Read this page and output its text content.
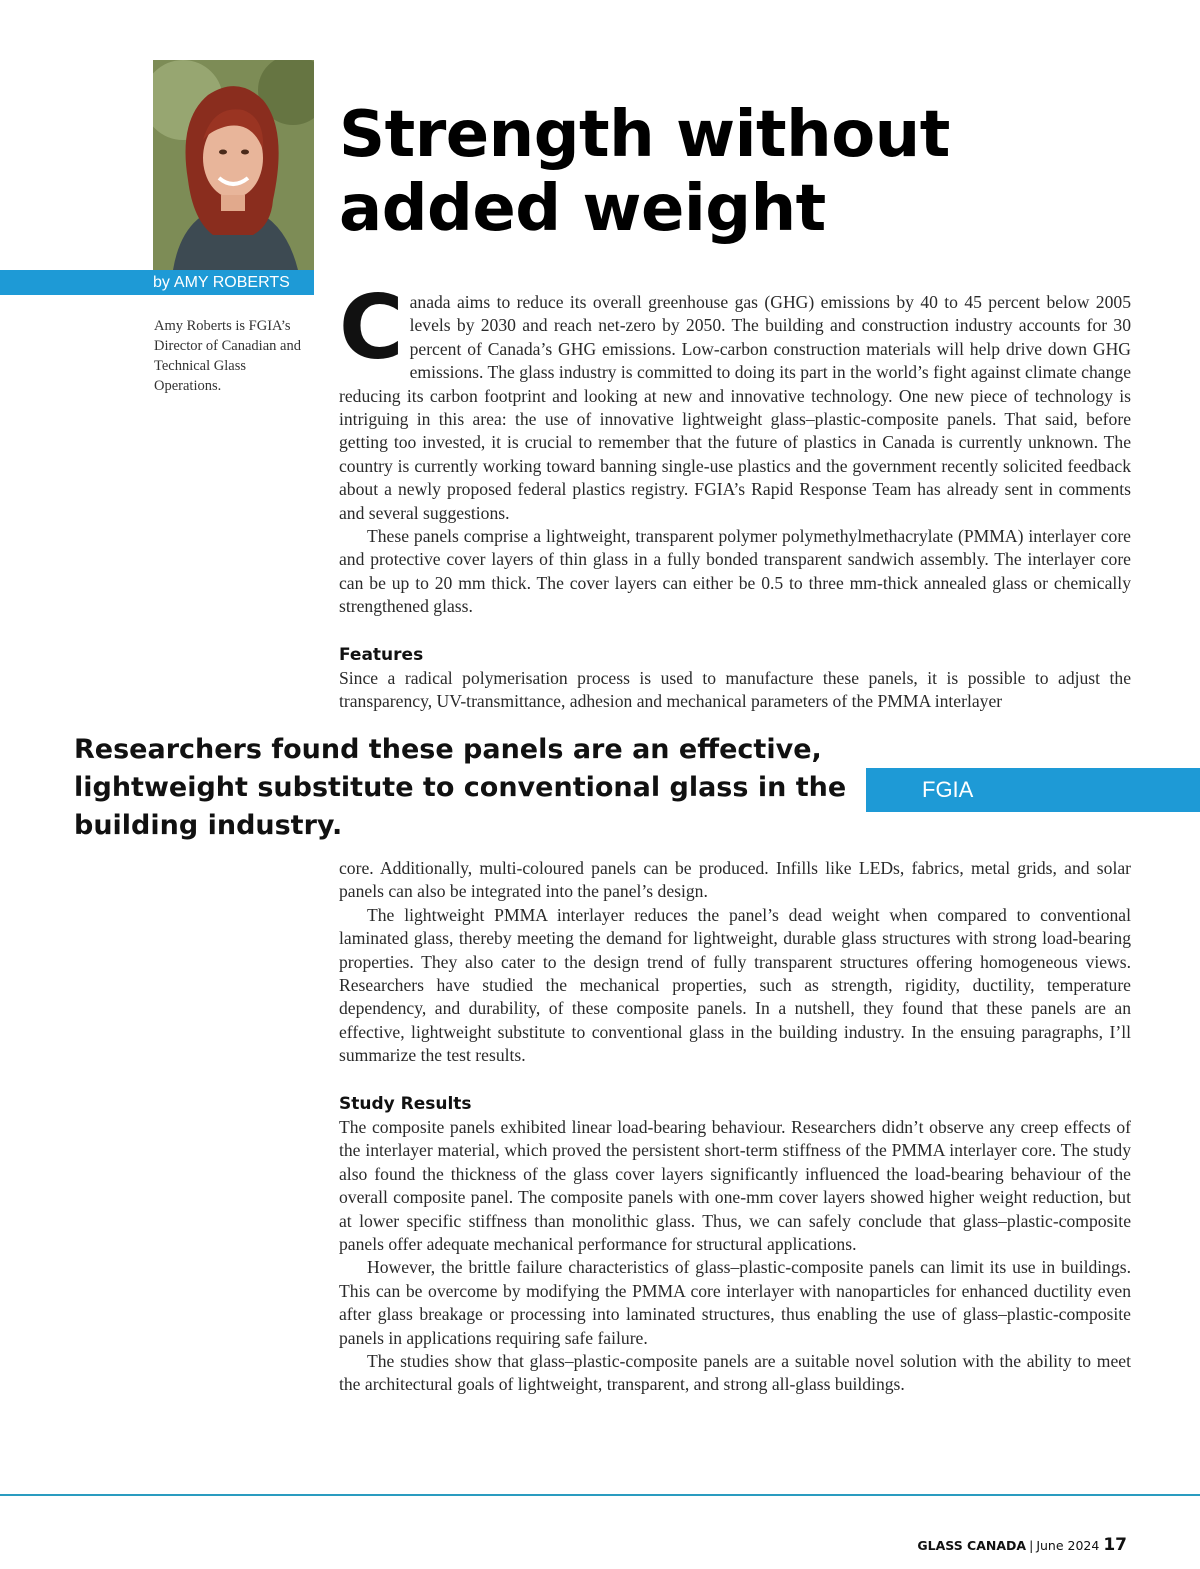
by AMY ROBERTS
Amy Roberts is FGIA’s Director of Canadian and Technical Glass Operations.
Strength without added weight

Canada aims to reduce its overall greenhouse gas (GHG) emissions by 40 to 45 percent below 2005 levels by 2030 and reach net-zero by 2050. The building and construction industry accounts for 30 percent of Canada’s GHG emissions. Low-carbon construction materials will help drive down GHG emissions. The glass industry is committed to doing its part in the world’s fight against climate change reducing its carbon footprint and looking at new and innovative technology. One new piece of technology is intriguing in this area: the use of innovative lightweight glass–plastic-composite panels. That said, before getting too invested, it is crucial to remember that the future of plastics in Canada is currently unknown. The country is currently working toward banning single-use plastics and the government recently solicited feedback about a newly proposed federal plastics registry. FGIA’s Rapid Response Team has already sent in comments and several suggestions.

These panels comprise a lightweight, transparent polymer polymethylmethacrylate (PMMA) interlayer core and protective cover layers of thin glass in a fully bonded transparent sandwich assembly. The interlayer core can be up to 20 mm thick. The cover layers can either be 0.5 to three mm-thick annealed glass or chemically strengthened glass.

Features

Since a radical polymerisation process is used to manufacture these panels, it is possible to adjust the transparency, UV-transmittance, adhesion and mechanical parameters of the PMMA interlayer

Researchers found these panels are an effective, lightweight substitute to conventional glass in the building industry.
FGIA

core. Additionally, multi-coloured panels can be produced. Infills like LEDs, fabrics, metal grids, and solar panels can also be integrated into the panel’s design.

The lightweight PMMA interlayer reduces the panel’s dead weight when compared to conventional laminated glass, thereby meeting the demand for lightweight, durable glass structures with strong load-bearing properties. They also cater to the design trend of fully transparent structures offering homogeneous views. Researchers have studied the mechanical properties, such as strength, rigidity, ductility, temperature dependency, and durability, of these composite panels. In a nutshell, they found that these panels are an effective, lightweight substitute to conventional glass in the building industry. In the ensuing paragraphs, I’ll summarize the test results.

Study Results

The composite panels exhibited linear load-bearing behaviour. Researchers didn’t observe any creep effects of the interlayer material, which proved the persistent short-term stiffness of the PMMA interlayer core. The study also found the thickness of the glass cover layers significantly influenced the load-bearing behaviour of the overall composite panel. The composite panels with one-mm cover layers showed higher weight reduction, but at lower specific stiffness than monolithic glass. Thus, we can safely conclude that glass–plastic-composite panels offer adequate mechanical performance for structural applications.

However, the brittle failure characteristics of glass–plastic-composite panels can limit its use in buildings. This can be overcome by modifying the PMMA core interlayer with nanoparticles for enhanced ductility even after glass breakage or processing into laminated structures, thus enabling the use of glass–plastic-composite panels in applications requiring safe failure.

The studies show that glass–plastic-composite panels are a suitable novel solution with the ability to meet the architectural goals of lightweight, transparent, and strong all-glass buildings.

GLASS CANADA | June 2024 17
